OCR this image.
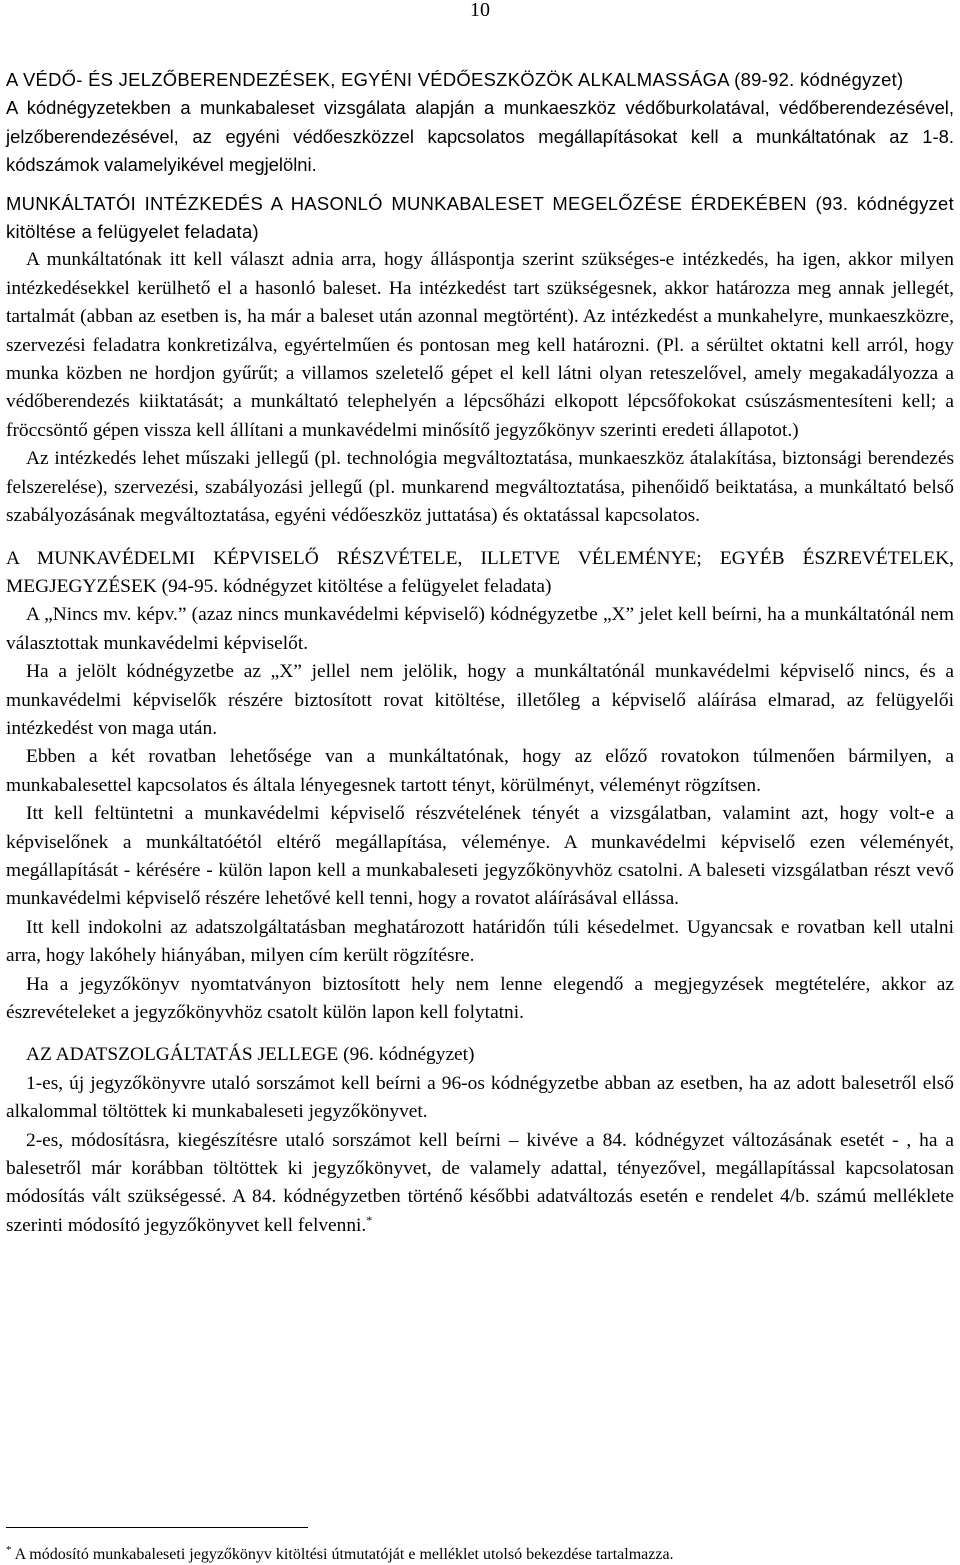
10

A VÉDŐ- ÉS JELZŐBERENDEZÉSEK, EGYÉNI VÉDŐESZKÖZÖK ALKALMASSÁGA (89-92. kódnégyzet)

A kódnégyzetekben a munkabaleset vizsgálata alapján a munkaeszköz védőburkolatával, védőberendezésével, jelzőberendezésével, az egyéni védőeszközzel kapcsolatos megállapításokat kell a munkáltatónak az 1-8. kódszámok valamelyikével megjelölni.

MUNKÁLTATÓI INTÉZKEDÉS A HASONLÓ MUNKABALESET MEGELŐZÉSE ÉRDEKÉBEN (93. kódnégyzet kitöltése a felügyelet feladata)

A munkáltatónak itt kell választ adnia arra, hogy álláspontja szerint szükséges-e intézkedés, ha igen, akkor milyen intézkedésekkel kerülhető el a hasonló baleset. Ha intézkedést tart szükségesnek, akkor határozza meg annak jellegét, tartalmát (abban az esetben is, ha már a baleset után azonnal megtörtént). Az intézkedést a munkahelyre, munkaeszközre, szervezési feladatra konkretizálva, egyértelműen és pontosan meg kell határozni. (Pl. a sérültet oktatni kell arról, hogy munka közben ne hordjon gyűrűt; a villamos szeletelő gépet el kell látni olyan reteszelővel, amely megakadályozza a védőberendezés kiiktatását; a munkáltató telephelyén a lépcsőházi elkopott lépcsőfokokat csúszásmentesíteni kell; a fröccsöntő gépen vissza kell állítani a munkavédelmi minősítő jegyzőkönyv szerinti eredeti állapotot.)

Az intézkedés lehet műszaki jellegű (pl. technológia megváltoztatása, munkaeszköz átalakítása, biztonsági berendezés felszerelése), szervezési, szabályozási jellegű (pl. munkarend megváltoztatása, pihenőidő beiktatása, a munkáltató belső szabályozásának megváltoztatása, egyéni védőeszköz juttatása) és oktatással kapcsolatos.

A MUNKAVÉDELMI KÉPVISELŐ RÉSZVÉTELE, ILLETVE VÉLEMÉNYE; EGYÉB ÉSZREVÉTELEK, MEGJEGYZÉSEK (94-95. kódnégyzet kitöltése a felügyelet feladata)

A „Nincs mv. képv.” (azaz nincs munkavédelmi képviselő) kódnégyzetbe „X” jelet kell beírni, ha a munkáltatónál nem választottak munkavédelmi képviselőt.

Ha a jelölt kódnégyzetbe az „X” jellel nem jelölik, hogy a munkáltatónál munkavédelmi képviselő nincs, és a munkavédelmi képviselők részére biztosított rovat kitöltése, illetőleg a képviselő aláírása elmarad, az felügyelői intézkedést von maga után.

Ebben a két rovatban lehetősége van a munkáltatónak, hogy az előző rovatokon túlmenően bármilyen, a munkabalesettel kapcsolatos és általa lényegesnek tartott tényt, körülményt, véleményt rögzítsen.

Itt kell feltüntetni a munkavédelmi képviselő részvételének tényét a vizsgálatban, valamint azt, hogy volt-e a képviselőnek a munkáltatóétól eltérő megállapítása, véleménye. A munkavédelmi képviselő ezen véleményét, megállapítását - kérésére - külön lapon kell a munkabaleseti jegyzőkönyvhöz csatolni. A baleseti vizsgálatban részt vevő munkavédelmi képviselő részére lehetővé kell tenni, hogy a rovatot aláírásával ellássa.

Itt kell indokolni az adatszolgáltatásban meghatározott határidőn túli késedelmet. Ugyancsak e rovatban kell utalni arra, hogy lakóhely hiányában, milyen cím került rögzítésre.

Ha a jegyzőkönyv nyomtatványon biztosított hely nem lenne elegendő a megjegyzések megtételére, akkor az észrevételeket a jegyzőkönyvhöz csatolt külön lapon kell folytatni.

AZ ADATSZOLGÁLTATÁS JELLEGE (96. kódnégyzet)

1-es, új jegyzőkönyvre utaló sorszámot kell beírni a 96-os kódnégyzetbe abban az esetben, ha az adott balesetről első alkalommal töltöttek ki munkabaleseti jegyzőkönyvet.

2-es, módosításra, kiegészítésre utaló sorszámot kell beírni – kivéve a 84. kódnégyzet változásának esetét - , ha a balesetről már korábban töltöttek ki jegyzőkönyvet, de valamely adattal, tényezővel, megállapítással kapcsolatosan módosítás vált szükségessé. A 84. kódnégyzetben történő későbbi adatváltozás esetén e rendelet 4/b. számú melléklete szerinti módosító jegyzőkönyvet kell felvenni.*

* A módosító munkabaleseti jegyzőkönyv kitöltési útmutatóját e melléklet utolsó bekezdése tartalmazza.
